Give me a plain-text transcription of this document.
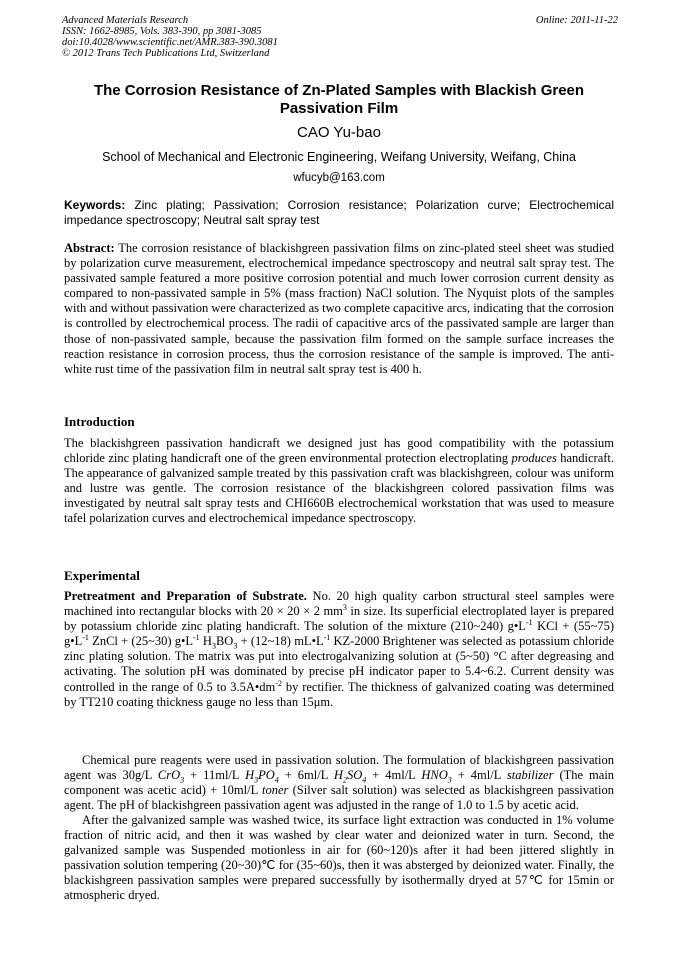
Advanced Materials Research
ISSN: 1662-8985, Vols. 383-390, pp 3081-3085
doi:10.4028/www.scientific.net/AMR.383-390.3081
© 2012 Trans Tech Publications Ltd, Switzerland
Online: 2011-11-22
The Corrosion Resistance of Zn-Plated Samples with Blackish Green Passivation Film
CAO Yu-bao
School of Mechanical and Electronic Engineering, Weifang University, Weifang, China
wfucyb@163.com
Keywords: Zinc plating; Passivation; Corrosion resistance; Polarization curve; Electrochemical impedance spectroscopy; Neutral salt spray test
Abstract: The corrosion resistance of blackishgreen passivation films on zinc-plated steel sheet was studied by polarization curve measurement, electrochemical impedance spectroscopy and neutral salt spray test. The passivated sample featured a more positive corrosion potential and much lower corrosion current density as compared to non-passivated sample in 5% (mass fraction) NaCl solution. The Nyquist plots of the samples with and without passivation were characterized as two complete capacitive arcs, indicating that the corrosion is controlled by electrochemical process. The radii of capacitive arcs of the passivated sample are larger than those of non-passivated sample, because the passivation film formed on the sample surface increases the reaction resistance in corrosion process, thus the corrosion resistance of the sample is improved. The anti-white rust time of the passivation film in neutral salt spray test is 400 h.
Introduction
The blackishgreen passivation handicraft we designed just has good compatibility with the potassium chloride zinc plating handicraft one of the green environmental protection electroplating produces handicraft. The appearance of galvanized sample treated by this passivation craft was blackishgreen, colour was uniform and lustre was gentle. The corrosion resistance of the blackishgreen colored passivation films was investigated by neutral salt spray tests and CHI660B electrochemical workstation that was used to measure tafel polarization curves and electrochemical impedance spectroscopy.
Experimental
Pretreatment and Preparation of Substrate. No. 20 high quality carbon structural steel samples were machined into rectangular blocks with 20 × 20 × 2 $mm^3$ in size. Its superficial electroplated layer is prepared by potassium chloride zinc plating handicraft. The solution of the mixture (210~240) $g•L^{-1}$ KCl + (55~75) $g•L^{-1}$ ZnCl + (25~30) $g•L^{-1}$ $H_3BO_3$ + (12~18) $mL•L^{-1}$ KZ-2000 Brightener was selected as potassium chloride zinc plating solution. The matrix was put into electrogalvanizing solution at (5~50) °C after degreasing and activating. The solution pH was dominated by precise pH indicator paper to 5.4~6.2. Current density was controlled in the range of 0.5 to $3.5A•dm^{-2}$ by rectifier. The thickness of galvanized coating was determined by TT210 coating thickness gauge no less than 15μm.
Chemical pure reagents were used in passivation solution. The formulation of blackishgreen passivation agent was 30g/L CrO$_3$ + 11ml/L $H_3PO_4 + 6ml/L$ $H_2SO_4 + 4ml/L$ $HNO_3 + 4ml/L$ stabilizer (The main component was acetic acid) + 10ml/L toner (Silver salt solution) was selected as blackishgreen passivation agent. The pH of blackishgreen passivation agent was adjusted in the range of 1.0 to 1.5 by acetic acid.
After the galvanized sample was washed twice, its surface light extraction was conducted in 1% volume fraction of nitric acid, and then it was washed by clear water and deionized water in turn. Second, the galvanized sample was Suspended motionless in air for (60~120)s after it had been jittered slightly in passivation solution tempering (20~30)℃ for (35~60)s, then it was absterged by deionized water. Finally, the blackishgreen passivation samples were prepared successfully by isothermally dryed at 57℃ for 15min or atmospheric dryed.
